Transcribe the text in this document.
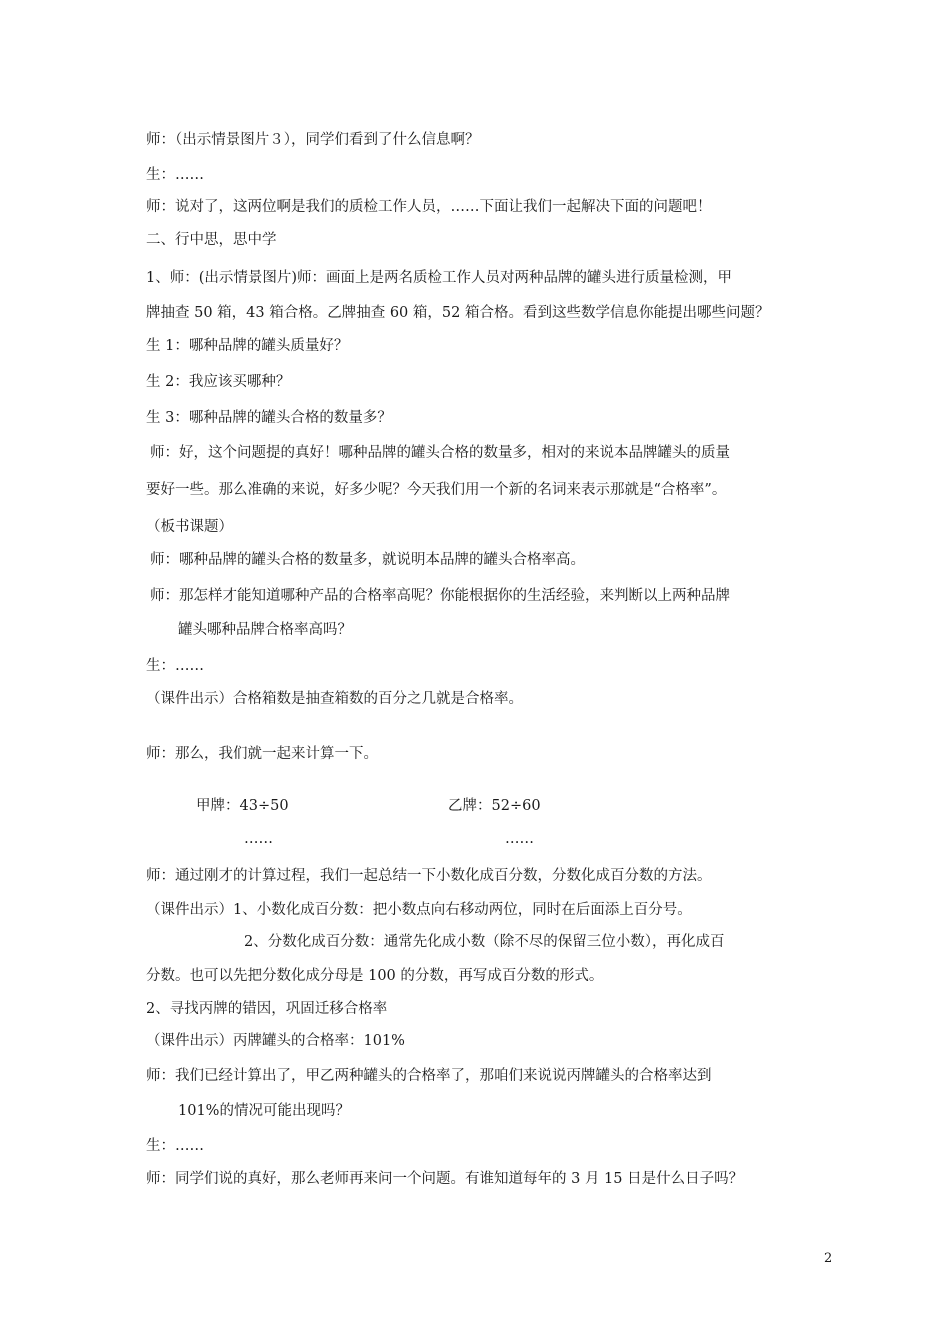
师：（出示情景图片３），同学们看到了什么信息啊？
生：……
师：说对了，这两位啊是我们的质检工作人员，……下面让我们一起解决下面的问题吧！
二、行中思，思中学
1、师：(出示情景图片)师：画面上是两名质检工作人员对两种品牌的罐头进行质量检测，甲
牌抽查 50 箱，43 箱合格。乙牌抽查 60 箱，52 箱合格。看到这些数学信息你能提出哪些问题？
生 1：哪种品牌的罐头质量好？
生 2：我应该买哪种？
生 3：哪种品牌的罐头合格的数量多？
师：好，这个问题提的真好！哪种品牌的罐头合格的数量多，相对的来说本品牌罐头的质量
要好一些。那么准确的来说，好多少呢？今天我们用一个新的名词来表示那就是“合格率”。
（板书课题）
师：哪种品牌的罐头合格的数量多，就说明本品牌的罐头合格率高。
师：那怎样才能知道哪种产品的合格率高呢？你能根据你的生活经验，来判断以上两种品牌
罐头哪种品牌合格率高吗？
生：……
（课件出示）合格箱数是抽查箱数的百分之几就是合格率。
师：那么，我们就一起来计算一下。
甲牌：43÷50	乙牌：52÷60
……	……
师：通过刚才的计算过程，我们一起总结一下小数化成百分数，分数化成百分数的方法。
（课件出示）1、小数化成百分数：把小数点向右移动两位，同时在后面添上百分号。
2、分数化成百分数：通常先化成小数（除不尽的保留三位小数），再化成百
分数。也可以先把分数化成分母是 100 的分数，再写成百分数的形式。
2、寻找丙牌的错因，巩固迁移合格率
（课件出示）丙牌罐头的合格率：101%
师：我们已经计算出了，甲乙两种罐头的合格率了，那咱们来说说丙牌罐头的合格率达到
101%的情况可能出现吗？
生：……
师：同学们说的真好，那么老师再来问一个问题。有谁知道每年的 3 月 15 日是什么日子吗？
2
